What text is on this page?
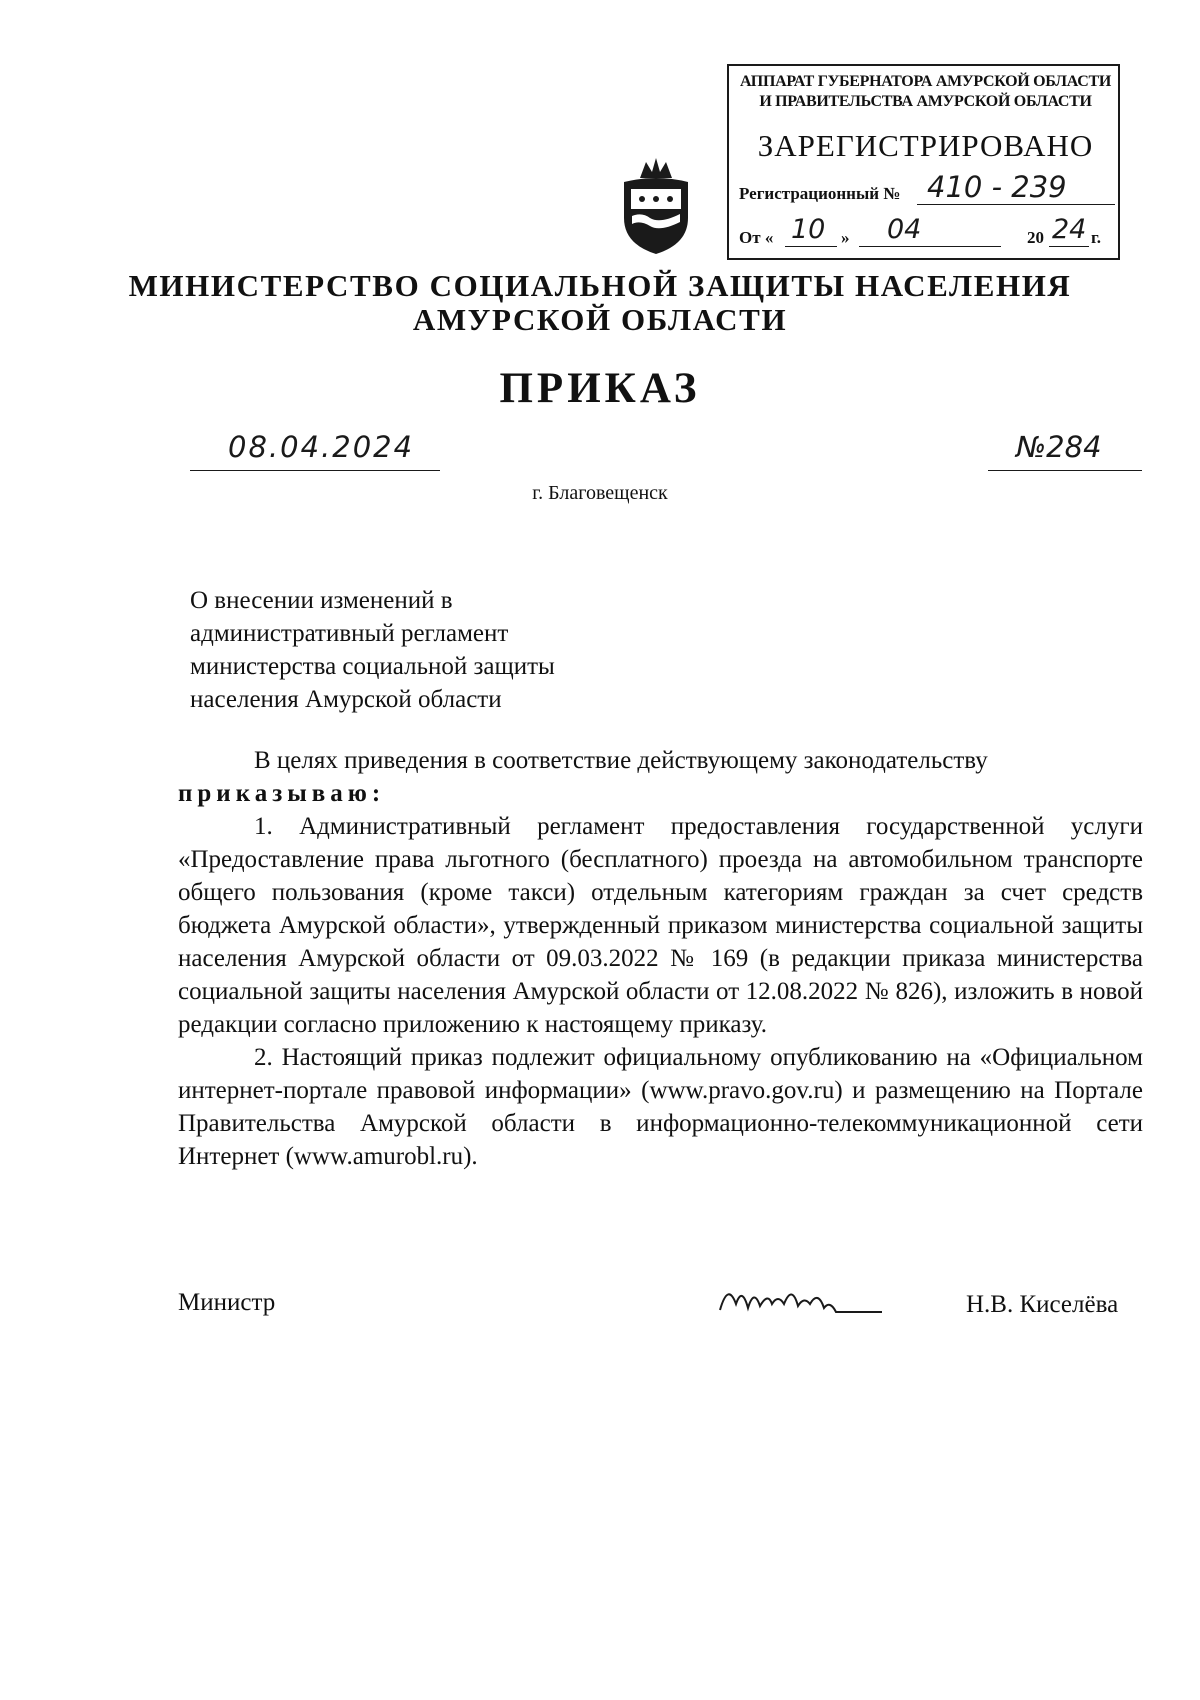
АППАРАТ ГУБЕРНАТОРА АМУРСКОЙ ОБЛАСТИ
И ПРАВИТЕЛЬСТВА АМУРСКОЙ ОБЛАСТИ
ЗАРЕГИСТРИРОВАНО
Регистрационный № 410 - 239
От « 10 » 04	20 24 г.
МИНИСТЕРСТВО СОЦИАЛЬНОЙ ЗАЩИТЫ НАСЕЛЕНИЯ
АМУРСКОЙ ОБЛАСТИ
ПРИКАЗ
08.04.2024	№284
г. Благовещенск
О внесении изменений в
административный регламент
министерства социальной защиты
населения Амурской области

В целях приведения в соответствие действующему законодательству

приказываю:

1. Административный регламент предоставления государственной услуги «Предоставление права льготного (бесплатного) проезда на автомобильном транспорте общего пользования (кроме такси) отдельным категориям граждан за счет средств бюджета Амурской области», утвержденный приказом министерства социальной защиты населения Амурской области от 09.03.2022 № 169 (в редакции приказа министерства социальной защиты населения Амурской области от 12.08.2022 № 826), изложить в новой редакции согласно приложению к настоящему приказу.

2. Настоящий приказ подлежит официальному опубликованию на «Официальном интернет-портале правовой информации» (www.pravo.gov.ru) и размещению на Портале Правительства Амурской области в информационно-телекоммуникационной сети Интернет (www.amurobl.ru).

Министр	Н.В. Киселёва
